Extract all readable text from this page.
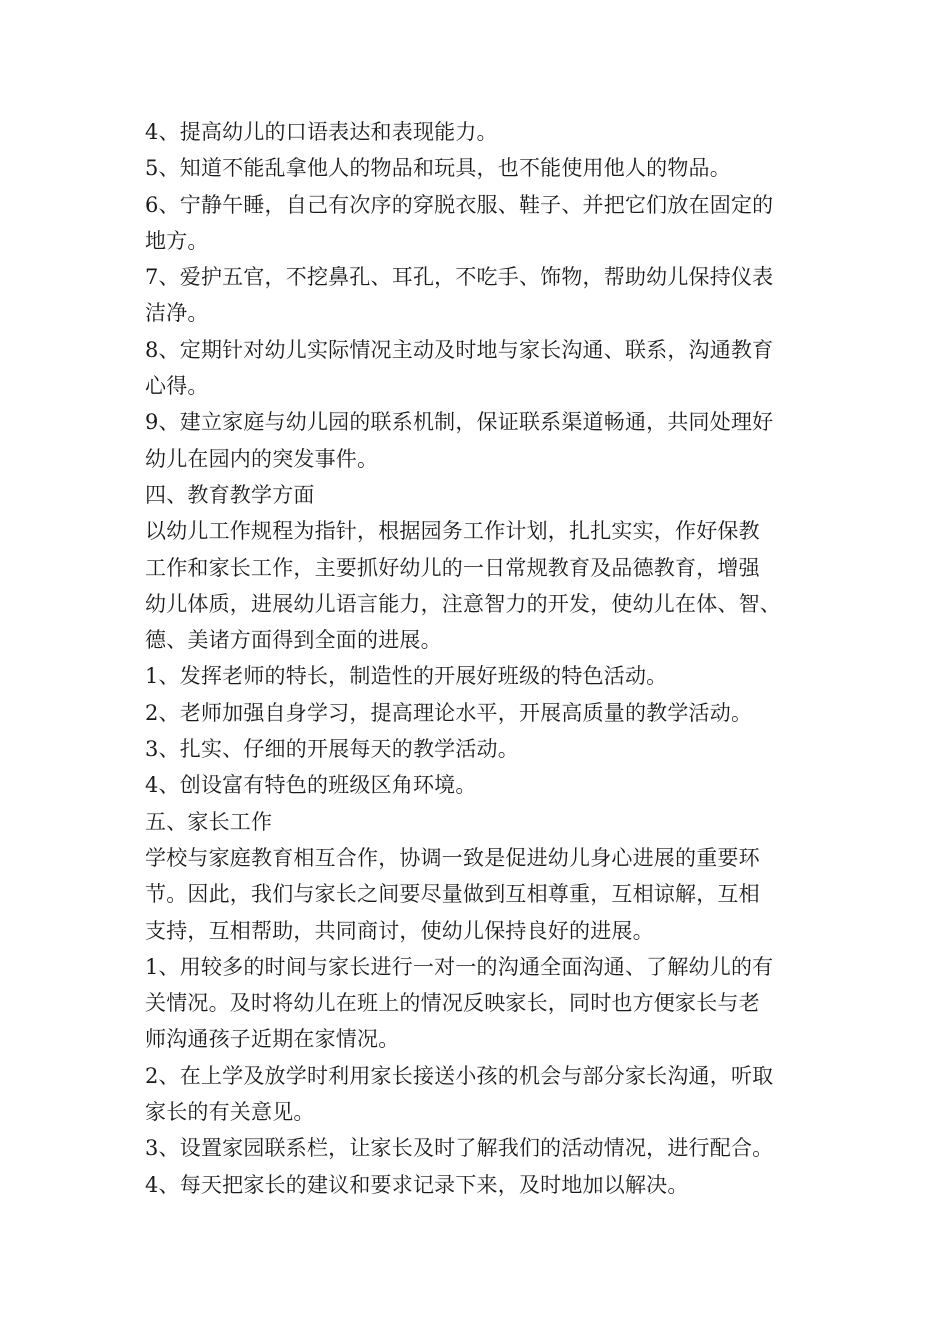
4、提高幼儿的口语表达和表现能力。
5、知道不能乱拿他人的物品和玩具，也不能使用他人的物品。
6、宁静午睡，自己有次序的穿脱衣服、鞋子、并把它们放在固定的
地方。
7、爱护五官，不挖鼻孔、耳孔，不吃手、饰物，帮助幼儿保持仪表
洁净。
8、定期针对幼儿实际情况主动及时地与家长沟通、联系，沟通教育
心得。
9、建立家庭与幼儿园的联系机制，保证联系渠道畅通，共同处理好
幼儿在园内的突发事件。
四、教育教学方面
以幼儿工作规程为指针，根据园务工作计划，扎扎实实，作好保教
工作和家长工作，主要抓好幼儿的一日常规教育及品德教育，增强
幼儿体质，进展幼儿语言能力，注意智力的开发，使幼儿在体、智、
德、美诸方面得到全面的进展。
1、发挥老师的特长，制造性的开展好班级的特色活动。
2、老师加强自身学习，提高理论水平，开展高质量的教学活动。
3、扎实、仔细的开展每天的教学活动。
4、创设富有特色的班级区角环境。
五、家长工作
学校与家庭教育相互合作，协调一致是促进幼儿身心进展的重要环
节。因此，我们与家长之间要尽量做到互相尊重，互相谅解，互相
支持，互相帮助，共同商讨，使幼儿保持良好的进展。
1、用较多的时间与家长进行一对一的沟通全面沟通、了解幼儿的有
关情况。及时将幼儿在班上的情况反映家长，同时也方便家长与老
师沟通孩子近期在家情况。
2、在上学及放学时利用家长接送小孩的机会与部分家长沟通，听取
家长的有关意见。
3、设置家园联系栏，让家长及时了解我们的活动情况，进行配合。
4、每天把家长的建议和要求记录下来，及时地加以解决。
